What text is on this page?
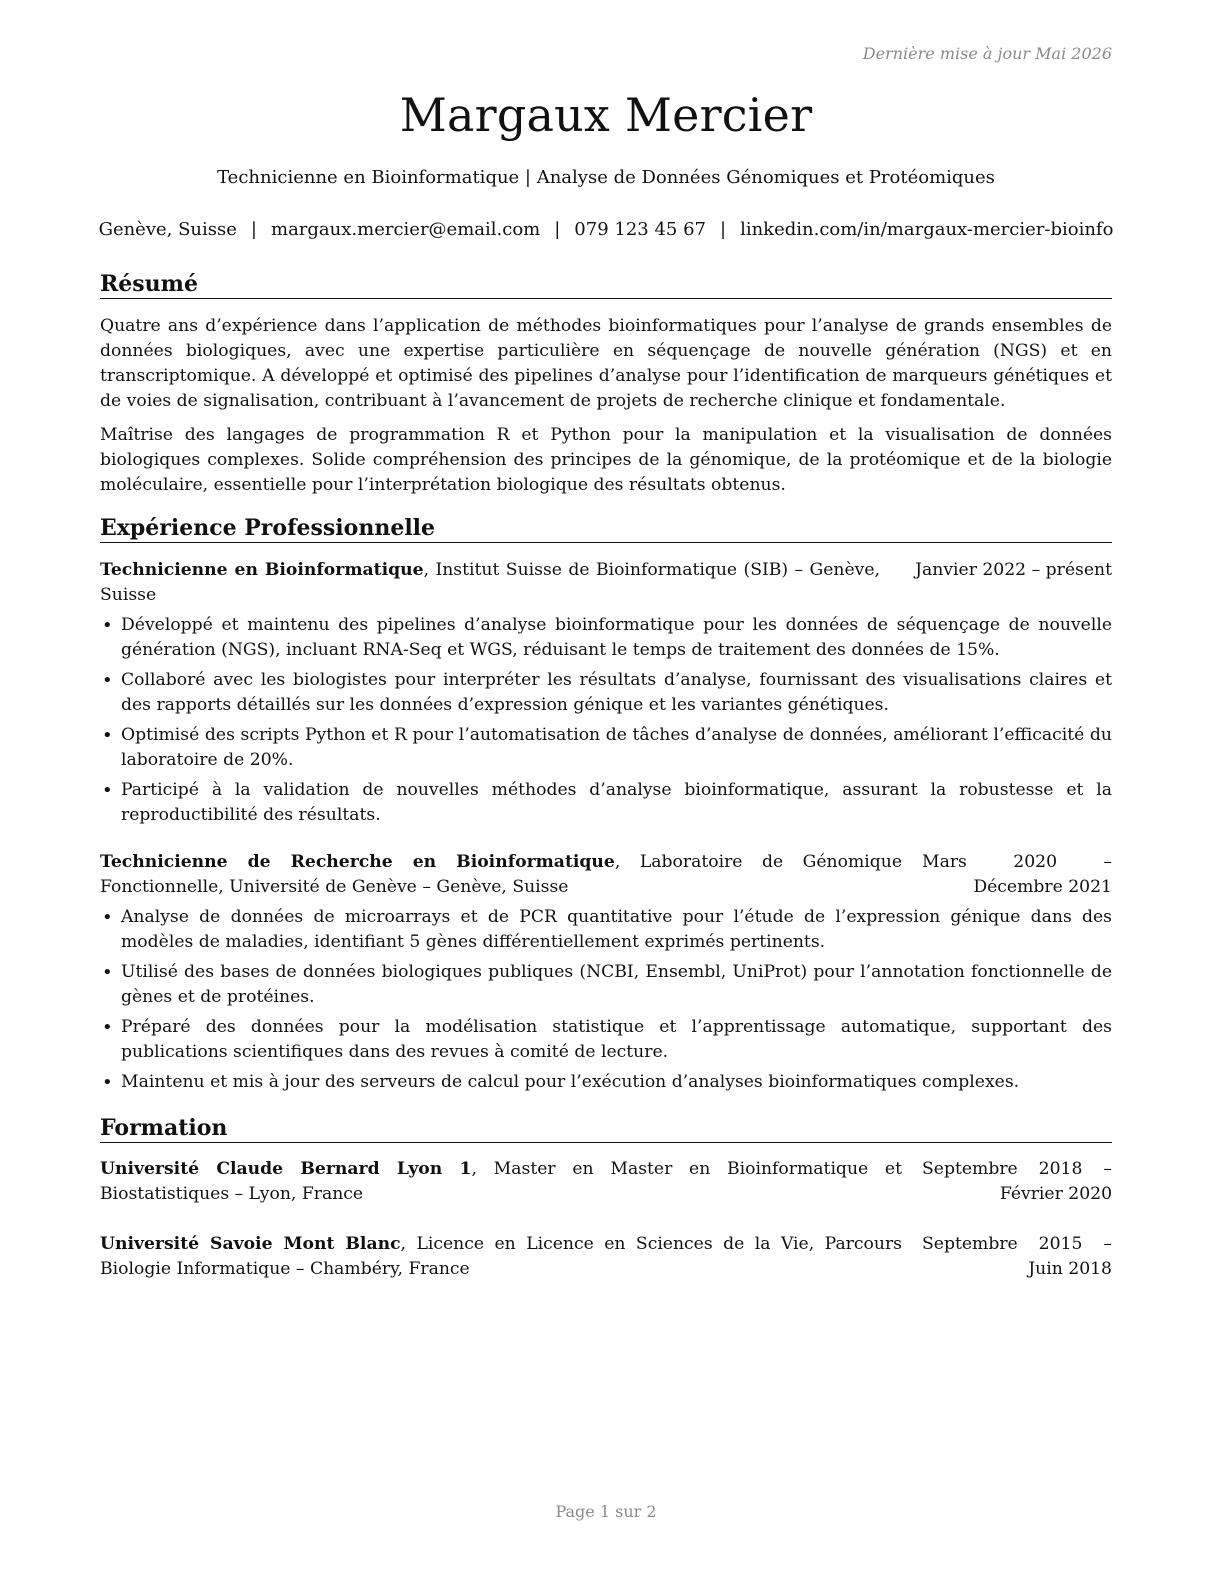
Dernière mise à jour Mai 2026
Margaux Mercier
Technicienne en Bioinformatique | Analyse de Données Génomiques et Protéomiques
Genève, Suisse | margaux.mercier@email.com | 079 123 45 67 | linkedin.com/in/margaux-mercier-bioinfo
Résumé
Quatre ans d’expérience dans l’application de méthodes bioinformatiques pour l’analyse de grands ensembles de données biologiques, avec une expertise particulière en séquençage de nouvelle génération (NGS) et en transcriptomique. A développé et optimisé des pipelines d’analyse pour l’identification de marqueurs génétiques et de voies de signalisation, contribuant à l’avancement de projets de recherche clinique et fondamentale.
Maîtrise des langages de programmation R et Python pour la manipulation et la visualisation de données biologiques complexes. Solide compréhension des principes de la génomique, de la protéomique et de la biologie moléculaire, essentielle pour l’interprétation biologique des résultats obtenus.
Expérience Professionnelle
Technicienne en Bioinformatique, Institut Suisse de Bioinformatique (SIB) – Genève, Suisse
Janvier 2022 – présent
• Développé et maintenu des pipelines d’analyse bioinformatique pour les données de séquençage de nouvelle génération (NGS), incluant RNA-Seq et WGS, réduisant le temps de traitement des données de 15%.
• Collaboré avec les biologistes pour interpréter les résultats d’analyse, fournissant des visualisations claires et des rapports détaillés sur les données d’expression génique et les variantes génétiques.
• Optimisé des scripts Python et R pour l’automatisation de tâches d’analyse de données, améliorant l’efficacité du laboratoire de 20%.
• Participé à la validation de nouvelles méthodes d’analyse bioinformatique, assurant la robustesse et la reproductibilité des résultats.
Technicienne de Recherche en Bioinformatique, Laboratoire de Génomique Fonctionnelle, Université de Genève – Genève, Suisse
Mars 2020 – Décembre 2021
• Analyse de données de microarrays et de PCR quantitative pour l’étude de l’expression génique dans des modèles de maladies, identifiant 5 gènes différentiellement exprimés pertinents.
• Utilisé des bases de données biologiques publiques (NCBI, Ensembl, UniProt) pour l’annotation fonctionnelle de gènes et de protéines.
• Préparé des données pour la modélisation statistique et l’apprentissage automatique, supportant des publications scientifiques dans des revues à comité de lecture.
• Maintenu et mis à jour des serveurs de calcul pour l’exécution d’analyses bioinformatiques complexes.
Formation
Université Claude Bernard Lyon 1, Master en Master en Bioinformatique et Biostatistiques – Lyon, France
Septembre 2018 – Février 2020
Université Savoie Mont Blanc, Licence en Licence en Sciences de la Vie, Parcours Biologie Informatique – Chambéry, France
Septembre 2015 – Juin 2018
Page 1 sur 2
